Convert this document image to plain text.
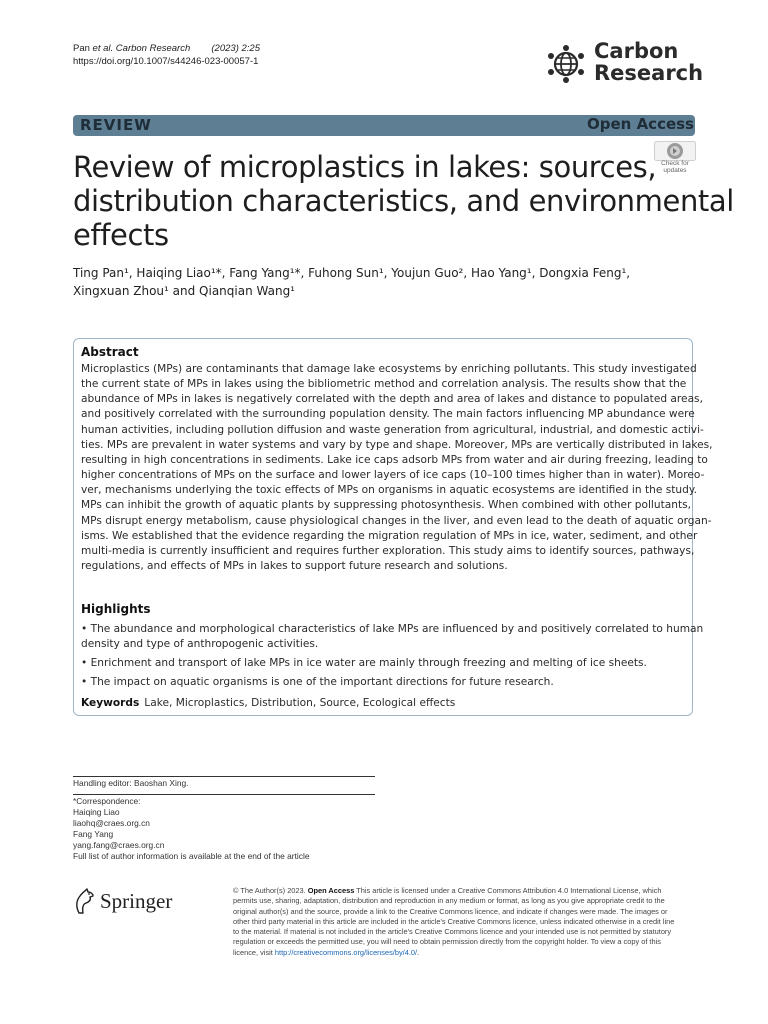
Pan et al. Carbon Research (2023) 2:25
https://doi.org/10.1007/s44246-023-00057-1	Carbon
Research
REVIEW	Open Access
Check for
updates
Review of microplastics in lakes: sources,
distribution characteristics, and environmental
effects
Ting Pan¹, Haiqing Liao¹*, Fang Yang¹*, Fuhong Sun¹, Youjun Guo², Hao Yang¹, Dongxia Feng¹,
Xingxuan Zhou¹ and Qianqian Wang¹
Abstract
Microplastics (MPs) are contaminants that damage lake ecosystems by enriching pollutants. This study investigated
the current state of MPs in lakes using the bibliometric method and correlation analysis. The results show that the
abundance of MPs in lakes is negatively correlated with the depth and area of lakes and distance to populated areas,
and positively correlated with the surrounding population density. The main factors influencing MP abundance were
human activities, including pollution diffusion and waste generation from agricultural, industrial, and domestic activi-
ties. MPs are prevalent in water systems and vary by type and shape. Moreover, MPs are vertically distributed in lakes,
resulting in high concentrations in sediments. Lake ice caps adsorb MPs from water and air during freezing, leading to
higher concentrations of MPs on the surface and lower layers of ice caps (10–100 times higher than in water). Moreo-
ver, mechanisms underlying the toxic effects of MPs on organisms in aquatic ecosystems are identified in the study.
MPs can inhibit the growth of aquatic plants by suppressing photosynthesis. When combined with other pollutants,
MPs disrupt energy metabolism, cause physiological changes in the liver, and even lead to the death of aquatic organ-
isms. We established that the evidence regarding the migration regulation of MPs in ice, water, sediment, and other
multi-media is currently insufficient and requires further exploration. This study aims to identify sources, pathways,
regulations, and effects of MPs in lakes to support future research and solutions.
Highlights
• The abundance and morphological characteristics of lake MPs are influenced by and positively correlated to human
density and type of anthropogenic activities.
• Enrichment and transport of lake MPs in ice water are mainly through freezing and melting of ice sheets.
• The impact on aquatic organisms is one of the important directions for future research.
Keywords Lake, Microplastics, Distribution, Source, Ecological effects
Handling editor: Baoshan Xing.
*Correspondence:
Haiqing Liao
liaohq@craes.org.cn
Fang Yang
yang.fang@craes.org.cn
Full list of author information is available at the end of the article
Springer	© The Author(s) 2023. Open Access This article is licensed under a Creative Commons Attribution 4.0 International License, which
permits use, sharing, adaptation, distribution and reproduction in any medium or format, as long as you give appropriate credit to the
original author(s) and the source, provide a link to the Creative Commons licence, and indicate if changes were made. The images or
other third party material in this article are included in the article's Creative Commons licence, unless indicated otherwise in a credit line
to the material. If material is not included in the article's Creative Commons licence and your intended use is not permitted by statutory
regulation or exceeds the permitted use, you will need to obtain permission directly from the copyright holder. To view a copy of this
licence, visit http://creativecommons.org/licenses/by/4.0/.
